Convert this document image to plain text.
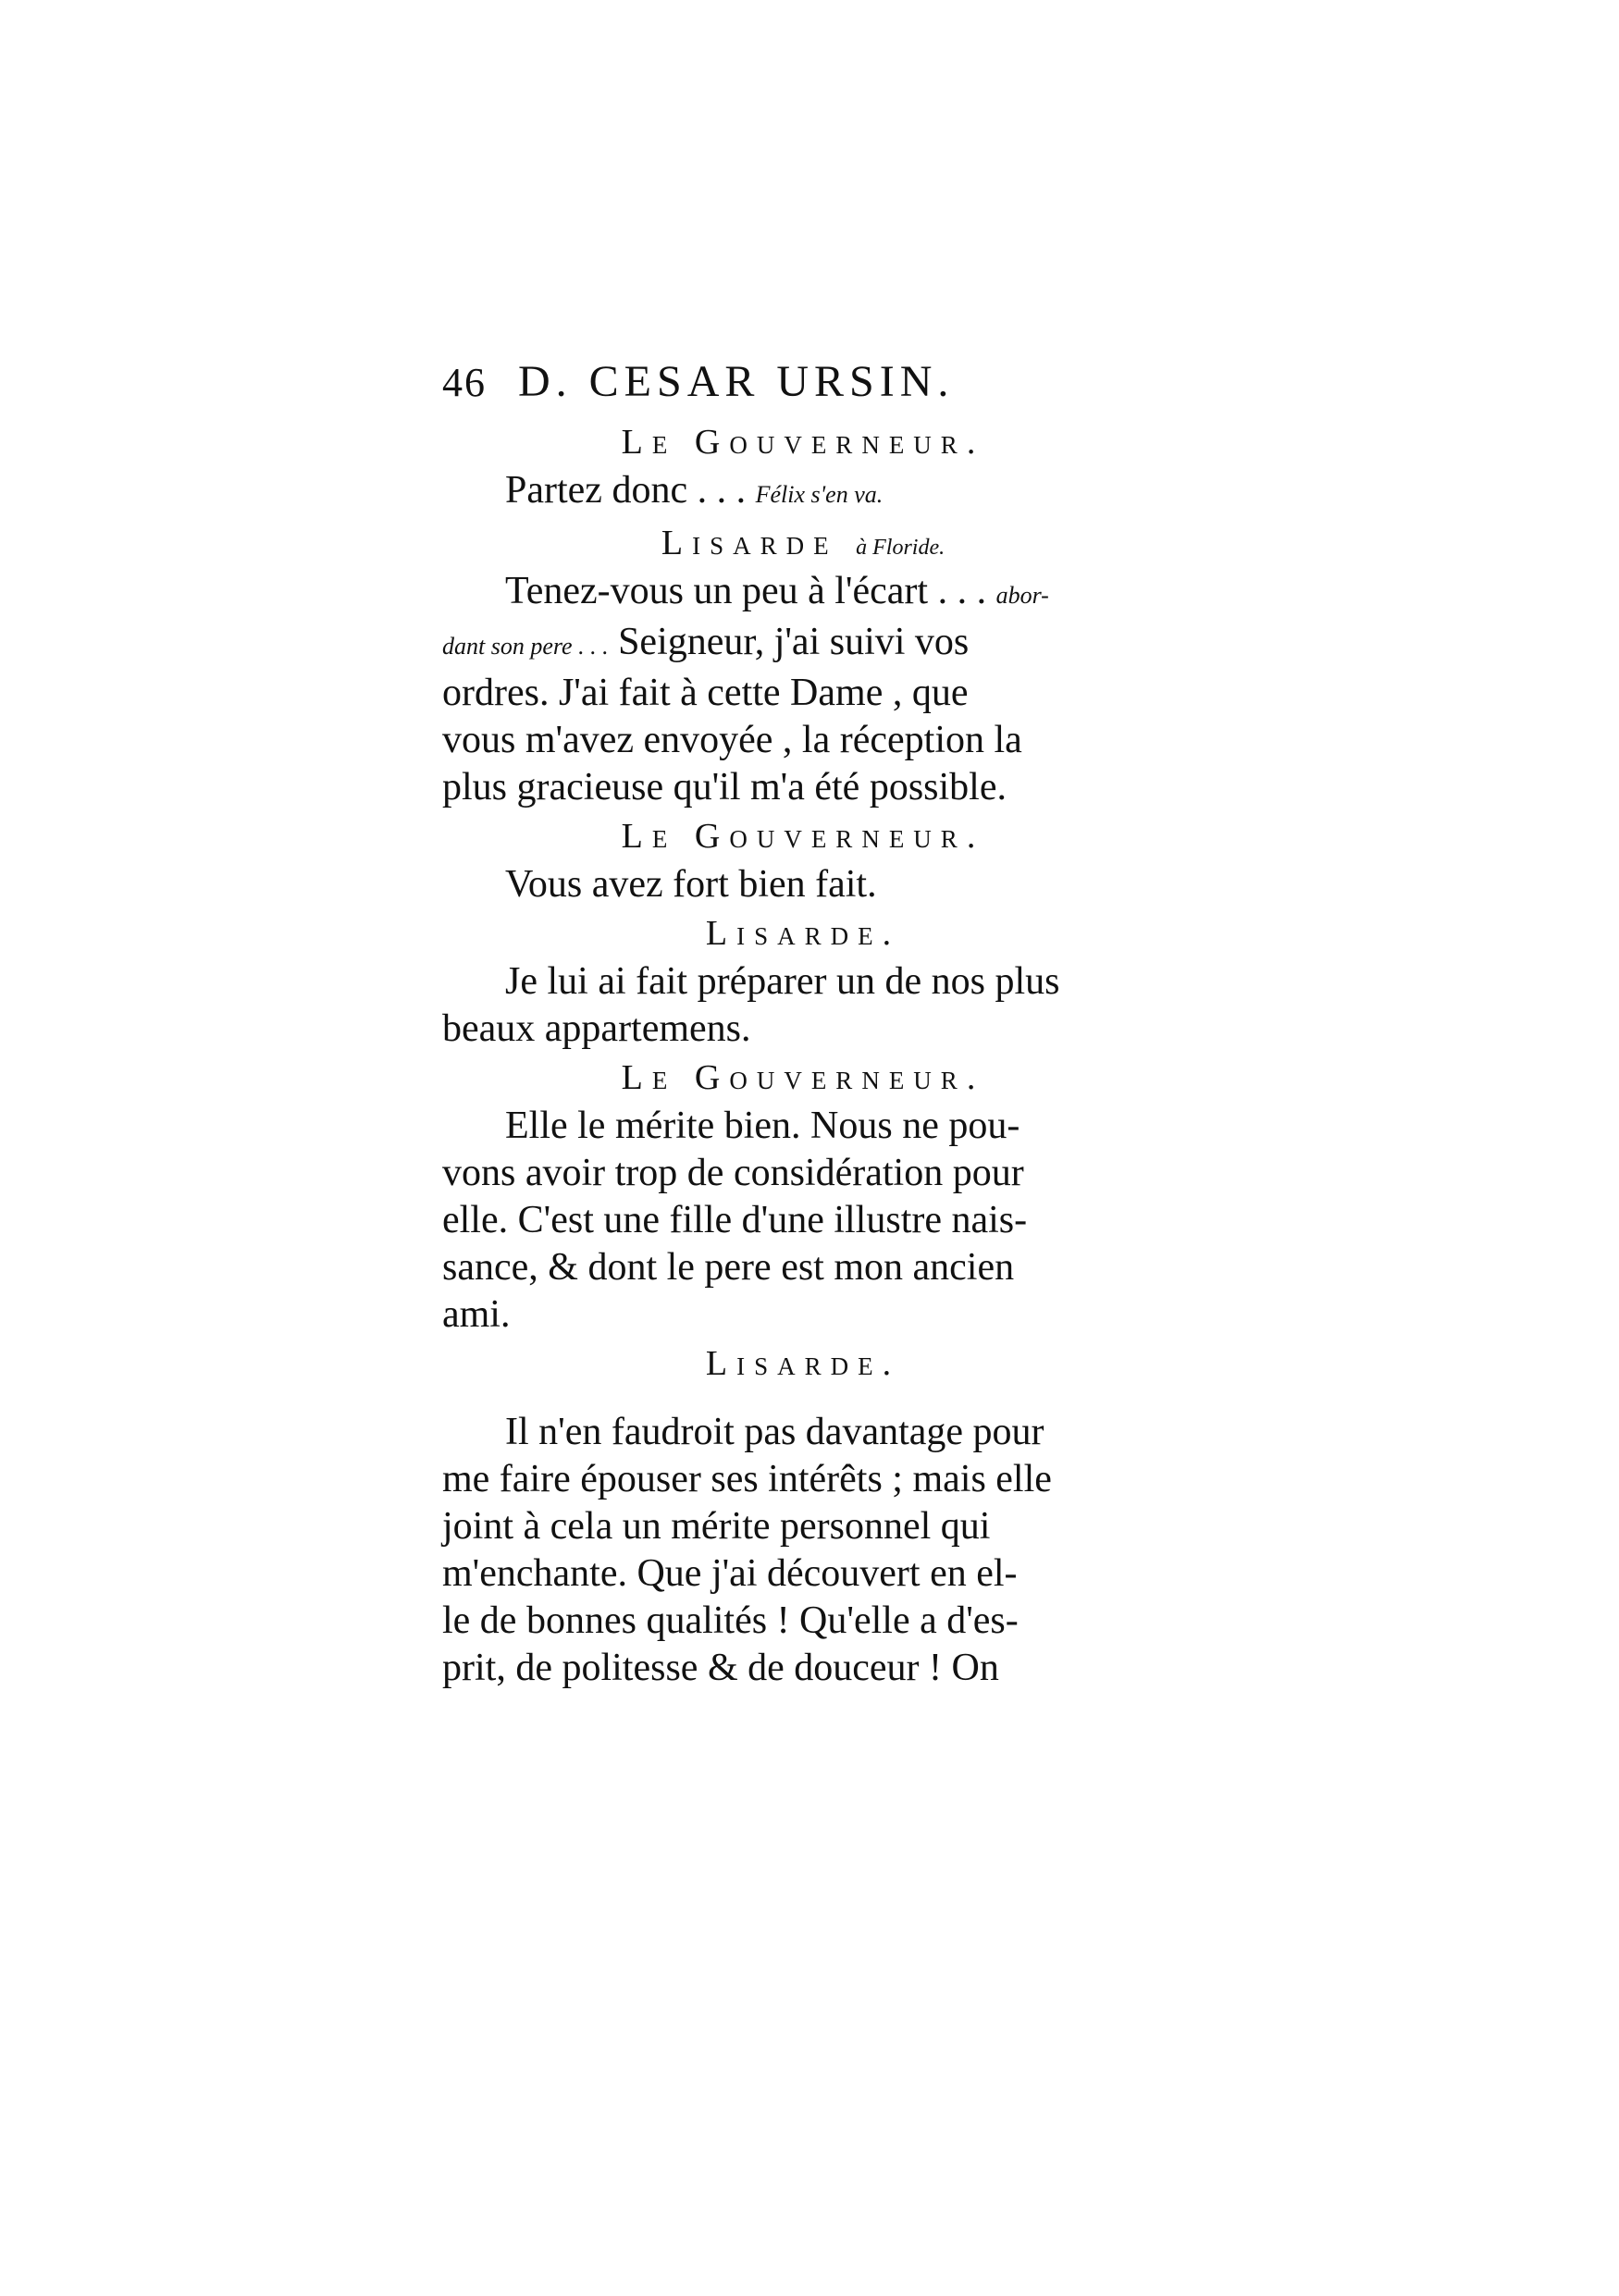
46 D. CESAR URSIN.
Le Gouverneur.
Partez donc . . . Félix s'en va.
Lisarde à Floride.
Tenez-vous un peu à l'écart . . . abor-
dant son pere . . . Seigneur, j'ai suivi vos
ordres. J'ai fait à cette Dame , que
vous m'avez envoyée , la réception la
plus gracieuse qu'il m'a été possible.
Le Gouverneur.
Vous avez fort bien fait.
Lisarde.
Je lui ai fait préparer un de nos plus
beaux appartemens.
Le Gouverneur.
Elle le mérite bien. Nous ne pou-
vons avoir trop de considération pour
elle. C'est une fille d'une illustre nais-
sance, & dont le pere est mon ancien
ami.
Lisarde.
Il n'en faudroit pas davantage pour
me faire épouser ses intérêts ; mais elle
joint à cela un mérite personnel qui
m'enchante. Que j'ai découvert en el-
le de bonnes qualités ! Qu'elle a d'es-
prit, de politesse & de douceur ! On
